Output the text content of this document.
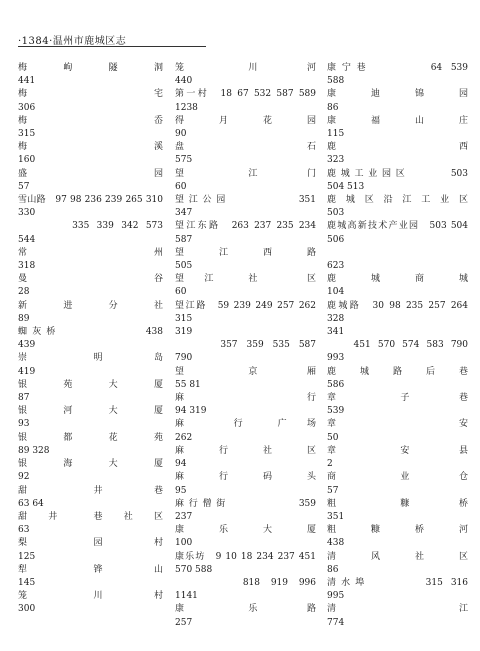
·1384·温州市鹿城区志
梅　　岣　　隧　　洞
441
梅　　　　　　　　宅
306
梅　　　　　　　　岙
315
梅　　　　　　　　溪
160
盛　　　　　　　　园
57
雪山路　97 98 236 239 265 310
330
　　　　335 339 342 573
544
常　　　　　　　　州
318
曼　　　　　　　　谷
28
新　　进　　分　　社
89
蜘灰桥　　　　　　438
439
崇　　　　明　　　岛
419
银　　苑　　大　　厦
87
银　　河　　大　　厦
93
银　　都　　花　　苑
89 328
银　　海　　大　　厦
92
甜　　　　井　　　巷
63 64
甜　井　　巷　社　区
63
梨　　　　园　　　村
125
犁　　　　铧　　　山
145
笼　　　　川　　　村
300
笼　　　　川　　　河
440
第一村　18 67 532 587 589
1238
得　　月　　花　　园
90
盘　　　　　　　　石
575
望　　　　江　　　门
60
望江公园　　　　　351
347
望江东路　263 237 235 234
587
望　　江　　西　　路
505
望　江　　社　　　区
60
望江路　59 239 249 257 262 315
319
　　　357 359 535 587
790
望　　　　京　　　厢
55 81
麻　　　　　　　　行
94 319
麻　　　行　　广　场
262
麻　　行　　社　　区
94
麻　　行　　码　　头
95
麻行僧街　　　　　359
237
康　　乐　　大　　厦
100
康乐坊　9 10 18 234 237 451
570 588
　　　　818 919 996
1141
康　　　　乐　　　路
257
康宁巷　　　　64 539
588
康　　迪　　锦　　园
86
康　　福　　山　　庄
115
鹿　　　　　　　　西
323
鹿城工业园区　　　503
504 513
鹿城区沿江工业区
503
鹿城高新技术产业园　503 504
506

623
鹿　　城　　商　　城
104
鹿城路　30 98 235 257 264 328
341
　　451 570 574 583 790
993
鹿　城　路　后　巷
586
章　　　　子　　　巷
539
章　　　　　　　　安
50
章　　　　安　　　县
2
商　　　　业　　　仓
57
粗　　　　糠　　　桥
351
粗　　糠　　桥　　河
438
清　　风　　社　　区
86
清水埠　　　　315 316
995
清　　　　　　　　江
774
